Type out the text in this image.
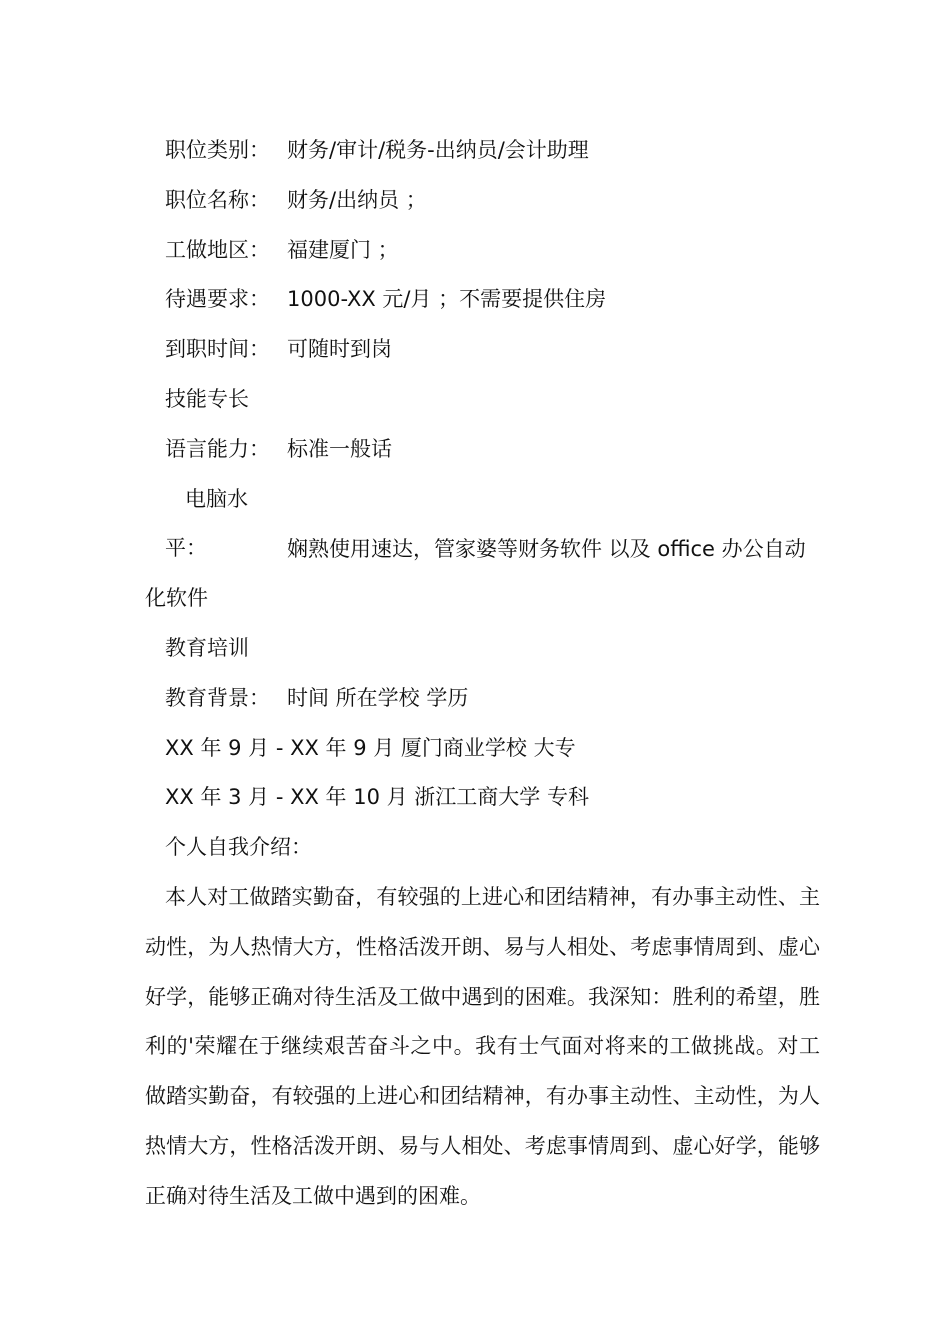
职位类别： 财务/审计/税务-出纳员/会计助理
职位名称： 财务/出纳员 ；
工做地区： 福建厦门 ；
待遇要求： 1000-XX 元/月 ；不需要提供住房
到职时间： 可随时到岗
技能专长
语言能力： 标准一般话
电脑水平：	娴熟使用速达，管家婆等财务软件 以及 office 办公自动化软件
教育培训
教育背景： 时间 所在学校 学历
XX 年 9 月 - XX 年 9 月 厦门商业学校 大专
XX 年 3 月 - XX 年 10 月 浙江工商大学 专科
个人自我介绍：

本人对工做踏实勤奋，有较强的上进心和团结精神，有办事主动性、主动性，为人热情大方，性格活泼开朗、易与人相处、考虑事情周到、虚心好学，能够正确对待生活及工做中遇到的困难。我深知：胜利的希望，胜利的'荣耀在于继续艰苦奋斗之中。我有士气面对将来的工做挑战。对工做踏实勤奋，有较强的上进心和团结精神，有办事主动性、主动性，为人热情大方，性格活泼开朗、易与人相处、考虑事情周到、虚心好学，能够正确对待生活及工做中遇到的困难。
